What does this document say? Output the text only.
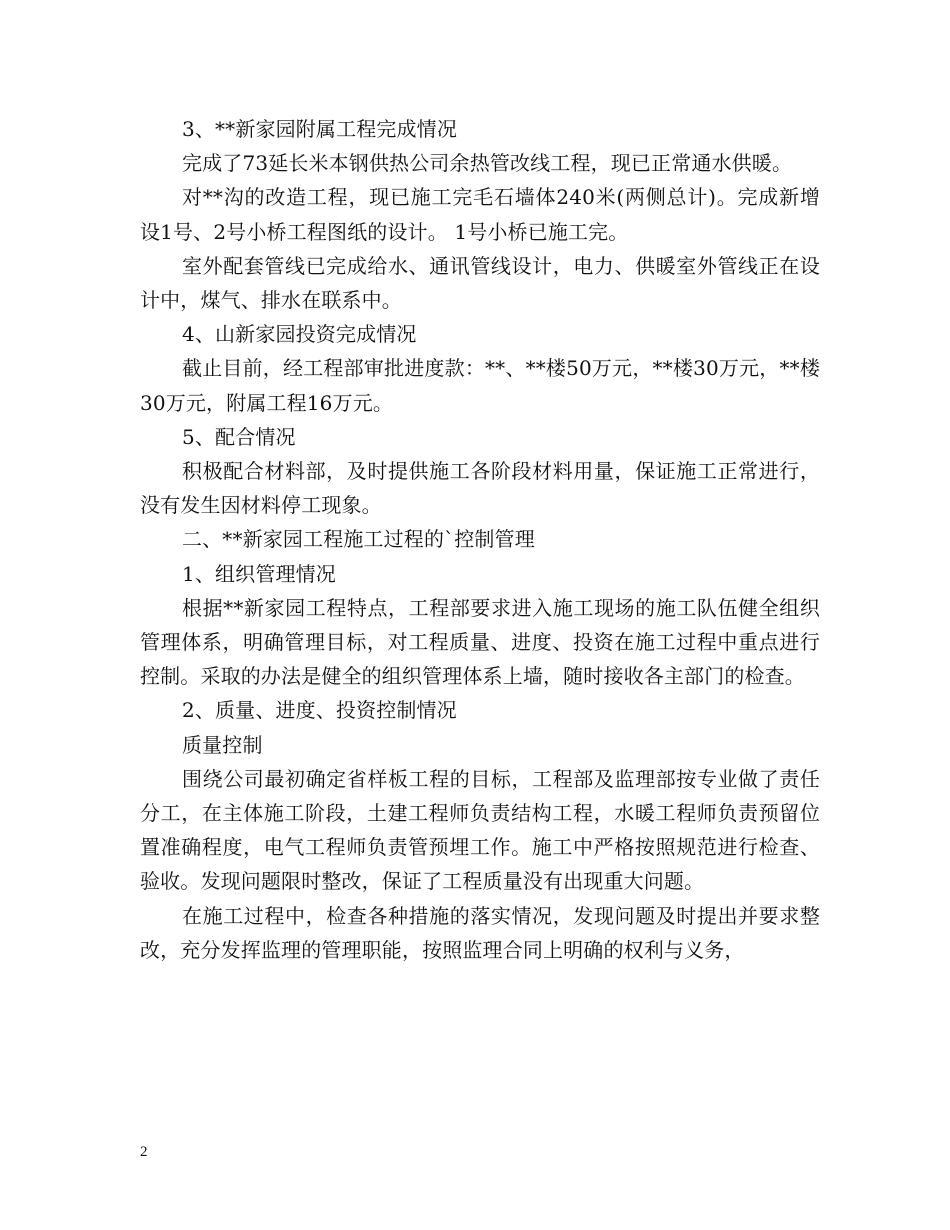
3、**新家园附属工程完成情况

完成了73延长米本钢供热公司余热管改线工程，现已正常通水供暖。

对**沟的改造工程，现已施工完毛石墙体240米(两侧总计)。完成新增设1号、2号小桥工程图纸的设计。 1号小桥已施工完。

室外配套管线已完成给水、通讯管线设计，电力、供暖室外管线正在设计中，煤气、排水在联系中。

4、山新家园投资完成情况

截止目前，经工程部审批进度款：**、**楼50万元，**楼30万元，**楼30万元，附属工程16万元。

5、配合情况

积极配合材料部，及时提供施工各阶段材料用量，保证施工正常进行，没有发生因材料停工现象。

二、**新家园工程施工过程的`控制管理

1、组织管理情况

根据**新家园工程特点，工程部要求进入施工现场的施工队伍健全组织管理体系，明确管理目标，对工程质量、进度、投资在施工过程中重点进行控制。采取的办法是健全的组织管理体系上墙，随时接收各主部门的检查。

2、质量、进度、投资控制情况

质量控制

围绕公司最初确定省样板工程的目标，工程部及监理部按专业做了责任分工，在主体施工阶段，土建工程师负责结构工程，水暖工程师负责预留位置准确程度，电气工程师负责管预埋工作。施工中严格按照规范进行检查、验收。发现问题限时整改，保证了工程质量没有出现重大问题。

在施工过程中，检查各种措施的落实情况，发现问题及时提出并要求整改，充分发挥监理的管理职能，按照监理合同上明确的权利与义务，

2
